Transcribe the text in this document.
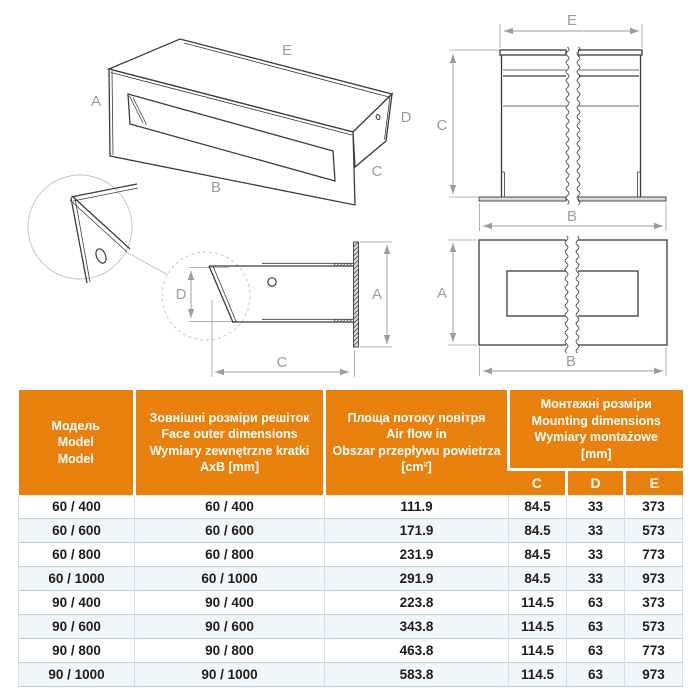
A
E
D
C
B
D	A
C
E
C
B
A
B
Модель
Model
Model

Зовнішні розміри решіток
Face outer dimensions
Wymiary zewnętrzne kratki
AxB [mm]

Площа потоку повітря
Air flow in
Obszar przepływu powietrza
[cm²]

Монтажні розміри
Mounting dimensions
Wymiary montażowe
[mm]

			C	D	E
60 / 400	60 / 400	111.9	84.5	33	373
60 / 600	60 / 600	171.9	84.5	33	573
60 / 800	60 / 800	231.9	84.5	33	773
60 / 1000	60 / 1000	291.9	84.5	33	973
90 / 400	90 / 400	223.8	114.5	63	373
90 / 600	90 / 600	343.8	114.5	63	573
90 / 800	90 / 800	463.8	114.5	63	773
90 / 1000	90 / 1000	583.8	114.5	63	973
